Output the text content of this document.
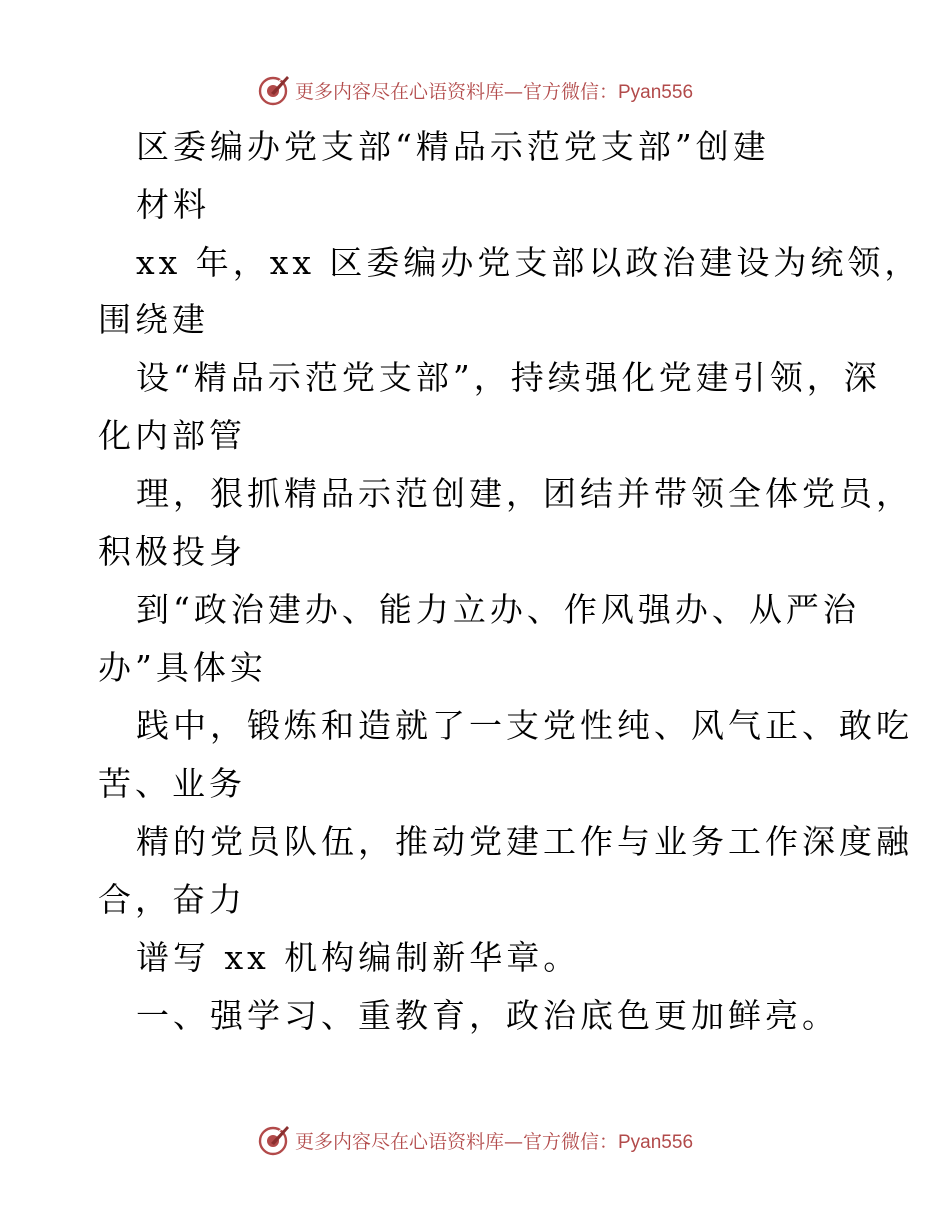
更多内容尽在心语资料库—官方微信：Pyan556
区委编办党支部“精品示范党支部”创建
材料
xx 年，xx 区委编办党支部以政治建设为统领，
围绕建
设“精品示范党支部”，持续强化党建引领，深
化内部管
理，狠抓精品示范创建，团结并带领全体党员，
积极投身
到“政治建办、能力立办、作风强办、从严治
办”具体实
践中，锻炼和造就了一支党性纯、风气正、敢吃
苦、业务
精的党员队伍，推动党建工作与业务工作深度融
合，奋力
谱写 xx 机构编制新华章。
一、强学习、重教育，政治底色更加鲜亮。
更多内容尽在心语资料库—官方微信：Pyan556
